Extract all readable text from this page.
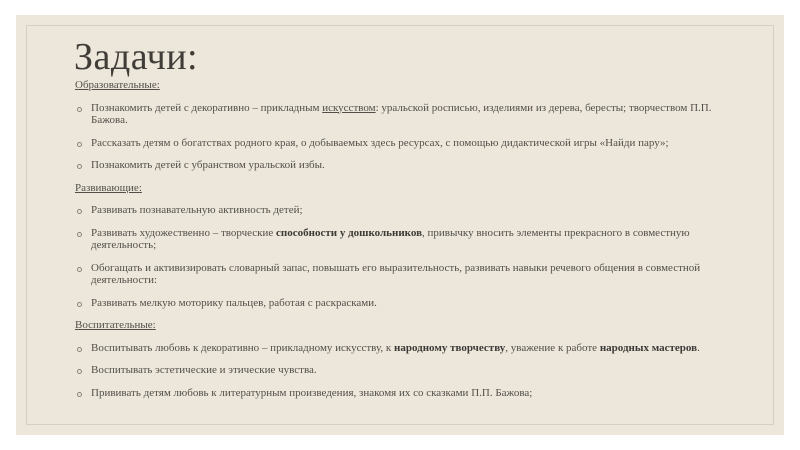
Задачи:
Образовательные:
Познакомить детей с декоративно – прикладным искусством: уральской росписью, изделиями из дерева, бересты; творчеством П.П. Бажова.
Рассказать детям о богатствах родного края, о добываемых здесь ресурсах, с помощью дидактической игры «Найди пару»;
Познакомить детей с убранством уральской избы.
Развивающие:
Развивать познавательную активность детей;
Развивать художественно – творческие способности у дошкольников, привычку вносить элементы прекрасного в совместную деятельность;
Обогащать и активизировать словарный запас, повышать его выразительность, развивать навыки речевого общения в совместной деятельности:
Развивать мелкую моторику пальцев, работая с раскрасками.
Воспитательные:
Воспитывать любовь к декоративно – прикладному искусству, к народному творчеству, уважение к работе народных мастеров.
Воспитывать эстетические и этические чувства.
Прививать детям любовь к литературным произведения, знакомя их со сказками П.П. Бажова;
